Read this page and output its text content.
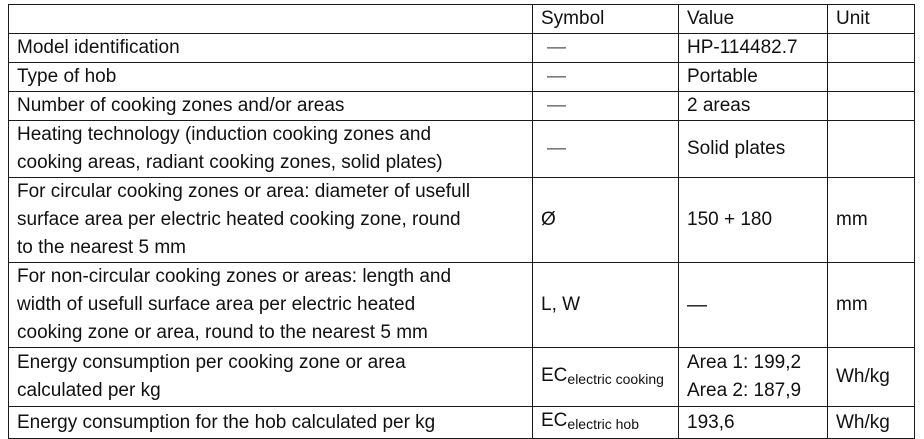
	Symbol	Value	Unit
Model identification	—	HP-114482.7	
Type of hob	—	Portable	
Number of cooking zones and/or areas	—	2 areas	
Heating technology (induction cooking zones and
cooking areas, radiant cooking zones, solid plates)	—	Solid plates	
For circular cooking zones or area: diameter of usefull
surface area per electric heated cooking zone, round
to the nearest 5 mm	Ø	150 + 180	mm
For non-circular cooking zones or areas: length and
width of usefull surface area per electric heated
cooking zone or area, round to the nearest 5 mm	L, W	—	mm
Energy consumption per cooking zone or area
calculated per kg	$EC_{electric cooking}$	Area 1: 199,2
Area 2: 187,9	Wh/kg
Energy consumption for the hob calculated per kg	$EC_{electric hob}$	193,6	Wh/kg
